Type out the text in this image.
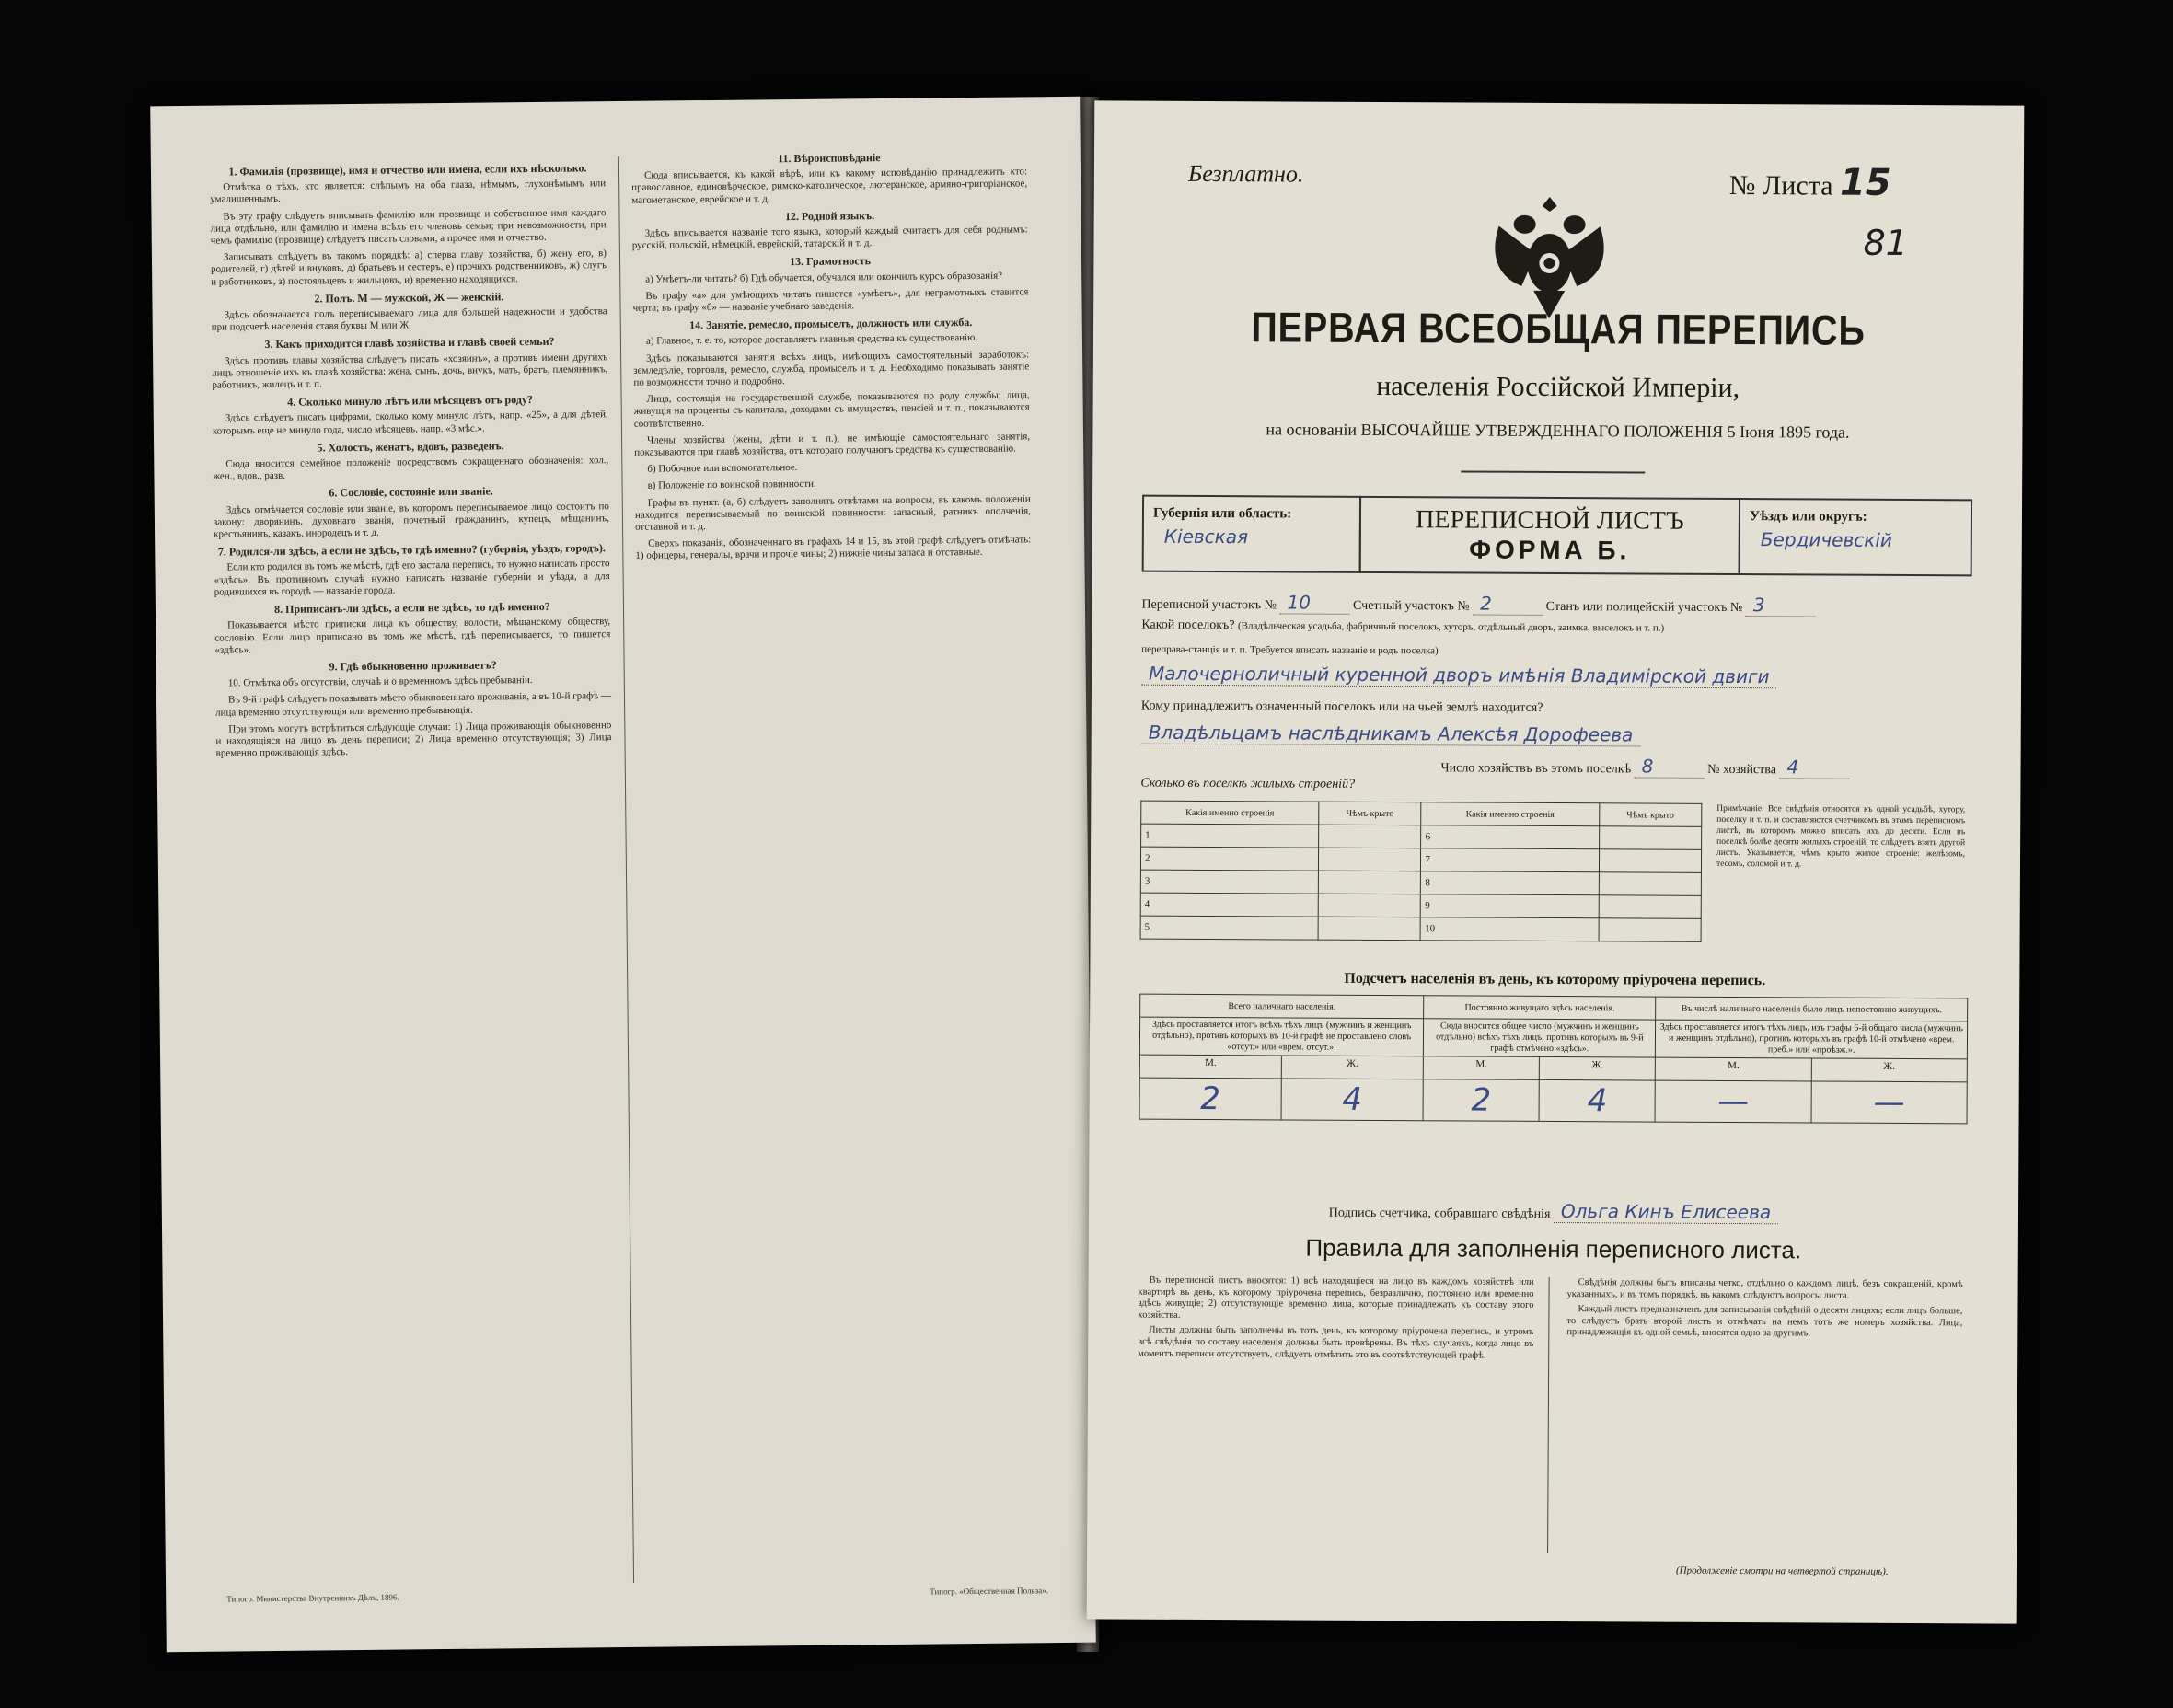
1. Фамилія (прозвище), имя и отчество или имена, если ихъ нѣсколько.

Отмѣтка о тѣхъ, кто является: слѣпымъ на оба глаза, нѣмымъ, глухонѣмымъ или умалишеннымъ.

Въ эту графу слѣдуетъ вписывать фамилію или прозвище и собственное имя каждаго лица отдѣльно, или фамилію и имена всѣхъ его членовъ семьи; при невозможности, при чемъ фамилію (прозвище) слѣдуетъ писать словами, а прочее имя и отчество.

Записывать слѣдуетъ въ такомъ порядкѣ: а) сперва главу хозяйства, б) жену его, в) родителей, г) дѣтей и внуковъ, д) братьевъ и сестеръ, е) прочихъ родственниковъ, ж) слугъ и работниковъ, з) постояльцевъ и жильцовъ, и) временно находящихся.

2. Полъ. М — мужской, Ж — женскій.

Здѣсь обозначается полъ переписываемаго лица для большей надежности и удобства при подсчетѣ населенія ставя буквы М или Ж.

3. Какъ приходится главѣ хозяйства и главѣ своей семьи?

Здѣсь противъ главы хозяйства слѣдуетъ писать «хозяинъ», а противъ имени другихъ лицъ отношеніе ихъ къ главѣ хозяйства: жена, сынъ, дочь, внукъ, мать, братъ, племянникъ, работникъ, жилецъ и т. п.

4. Сколько минуло лѣтъ или мѣсяцевъ отъ роду?

Здѣсь слѣдуетъ писать цифрами, сколько кому минуло лѣтъ, напр. «25», а для дѣтей, которымъ еще не минуло года, число мѣсяцевъ, напр. «3 мѣс.».

5. Холостъ, женатъ, вдовъ, разведенъ.

Сюда вносится семейное положеніе посредствомъ сокращеннаго обозначенія: хол., жен., вдов., разв.

6. Сословіе, состояніе или званіе.

Здѣсь отмѣчается сословіе или званіе, въ которомъ переписываемое лицо состоитъ по закону: дворянинъ, духовнаго званія, почетный гражданинъ, купецъ, мѣщанинъ, крестьянинъ, казакъ, инородецъ и т. д.

7. Родился-ли здѣсь, а если не здѣсь, то гдѣ именно? (губернія, уѣздъ, городъ).

Если кто родился въ томъ же мѣстѣ, гдѣ его застала перепись, то нужно написать просто «здѣсь». Въ противномъ случаѣ нужно написать названіе губерніи и уѣзда, а для родившихся въ городѣ — названіе города.

8. Приписанъ-ли здѣсь, а если не здѣсь, то гдѣ именно?

Показывается мѣсто приписки лица къ обществу, волости, мѣщанскому обществу, сословію. Если лицо приписано въ томъ же мѣстѣ, гдѣ переписывается, то пишется «здѣсь».

9. Гдѣ обыкновенно проживаетъ?

10. Отмѣтка объ отсутствіи, случаѣ и о временномъ здѣсь пребываніи.

Въ 9-й графѣ слѣдуетъ показывать мѣсто обыкновеннаго проживанія, а въ 10-й графѣ — лица временно отсутствующія или временно пребывающія.

При этомъ могутъ встрѣтиться слѣдующіе случаи: 1) Лица проживающія обыкновенно и находящіяся на лицо въ день переписи; 2) Лица временно отсутствующія; 3) Лица временно проживающія здѣсь.

11. Вѣроисповѣданіе

Сюда вписывается, къ какой вѣрѣ, или къ какому исповѣданію принадлежитъ кто: православное, единовѣрческое, римско-католическое, лютеранское, армяно-григоріанское, магометанское, еврейское и т. д.

12. Родной языкъ.

Здѣсь вписывается названіе того языка, который каждый считаетъ для себя роднымъ: русскій, польскій, нѣмецкій, еврейскій, татарскій и т. д.

13. Грамотность

а) Умѣетъ-ли читать? б) Гдѣ обучается, обучался или окончилъ курсъ образованія?

Въ графу «а» для умѣющихъ читать пишется «умѣетъ», для неграмотныхъ ставится черта; въ графу «б» — названіе учебнаго заведенія.

14. Занятіе, ремесло, промыселъ, должность или служба.

а) Главное, т. е. то, которое доставляетъ главныя средства къ существованію.

Здѣсь показываются занятія всѣхъ лицъ, имѣющихъ самостоятельный заработокъ: земледѣліе, торговля, ремесло, служба, промыселъ и т. д. Необходимо показывать занятіе по возможности точно и подробно.

Лица, состоящія на государственной службе, показываются по роду службы; лица, живущія на проценты съ капитала, доходами съ имуществъ, пенсіей и т. п., показываются соотвѣтственно.

Члены хозяйства (жены, дѣти и т. п.), не имѣющіе самостоятельнаго занятія, показываются при главѣ хозяйства, отъ котораго получаютъ средства къ существованію.

б) Побочное или вспомогательное.

в) Положеніе по воинской повинности.

Графы въ пункт. (а, б) слѣдуетъ заполнять отвѣтами на вопросы, въ какомъ положеніи находится переписываемый по воинской повинности: запасный, ратникъ ополченія, отставной и т. д.

Сверхъ показанія, обозначеннаго въ графахъ 14 и 15, въ этой графѣ слѣдуетъ отмѣчать: 1) офицеры, генералы, врачи и прочіе чины; 2) нижніе чины запаса и отставные.

Типогр. Министерства Внутреннихъ Дѣлъ, 1896.
Типогр. «Общественная Польза».
Безплатно.	№ Листа 15
81
ПЕРВАЯ ВСЕОБЩАЯ ПЕРЕПИСЬ
населенія Россійской Имперіи,
на основаніи ВЫСОЧАЙШЕ УТВЕРЖДЕННАГО ПОЛОЖЕНІЯ 5 Іюня 1895 года.
Губернія или область:
Кіевская
ПЕРЕПИСНОЙ ЛИСТЪ
ФОРМА Б.
Уѣздъ или округъ:
Бердичевскій
Переписной участокъ № 10	Счетный участокъ № 2	Станъ или полицейскій участокъ № 3
Какой поселокъ? (Владѣльческая усадьба, фабричный поселокъ, хуторъ, отдѣльный дворъ, заимка, выселокъ и т. п.)
переправа-станція и т. п. Требуется вписать названіе и родъ поселка)
Малочерноличный куренной дворъ имѣнія Владимірской двиги
Кому принадлежитъ означенный поселокъ или на чьей землѣ находится?
Владѣльцамъ наслѣдникамъ Алексѣя Дорофеева
Число хозяйствъ въ этомъ поселкѣ 8	№ хозяйства 4
Сколько въ поселкѣ жилыхъ строеній?
Какія именно строенія	Чѣмъ крыто	Какія именно строенія	Чѣмъ крыто
1		6	
2		7	
3		8	
4		9	
5		10	
Примѣчаніе. Все свѣдѣнія относятся къ одной усадьбѣ, хутору, поселку и т. п. и составляются счетчикомъ въ этомъ переписномъ листѣ, въ которомъ можно вписать ихъ до десяти. Если въ поселкѣ болѣе десяти жилыхъ строеній, то слѣдуетъ взять другой листъ. Указывается, чѣмъ крыто жилое строеніе: желѣзомъ, тесомъ, соломой и т. д.
Подсчетъ населенія въ день, къ которому пріурочена перепись.
Всего наличнаго населенія.		Постоянно живущаго здѣсь населенія.		Въ числѣ наличнаго населенія было лицъ непостоянно живущихъ.	
Здѣсь проставляется итогъ всѣхъ тѣхъ лицъ (мужчинъ и женщинъ отдѣльно), противъ которыхъ въ 10-й графѣ не проставлено словъ «отсут.» или «врем. отсут.».		Сюда вносится общее число (мужчинъ и женщинъ отдѣльно) всѣхъ тѣхъ лицъ, противъ которыхъ въ 9-й графѣ отмѣчено «здѣсь».		Здѣсь проставляется итогъ тѣхъ лицъ, изъ графы 6-й общаго числа (мужчинъ и женщинъ отдѣльно), противъ которыхъ въ графѣ 10-й отмѣчено «врем. преб.» или «проѣзж.».	
М.	Ж.	М.	Ж.	М.	Ж.
2	4	2	4	—	—
Подпись счетчика, собравшаго свѣдѣнія Ольга Кинъ Елисеева
Правила для заполненія переписного листа.

Въ переписной листъ вносятся: 1) всѣ находящіеся на лицо въ каждомъ хозяйствѣ или квартирѣ въ день, къ которому пріурочена перепись, безразлично, постоянно или временно здѣсь живущіе; 2) отсутствующіе временно лица, которые принадлежатъ къ составу этого хозяйства.

Листы должны быть заполнены въ тотъ день, къ которому пріурочена перепись, и утромъ всѣ свѣдѣнія по составу населенія должны быть провѣрены. Въ тѣхъ случаяхъ, когда лицо въ моментъ переписи отсутствуетъ, слѣдуетъ отмѣтить это въ соотвѣтствующей графѣ.

Свѣдѣнія должны быть вписаны четко, отдѣльно о каждомъ лицѣ, безъ сокращеній, кромѣ указанныхъ, и въ томъ порядкѣ, въ какомъ слѣдуютъ вопросы листа.

Каждый листъ предназначенъ для записыванія свѣдѣній о десяти лицахъ; если лицъ больше, то слѣдуетъ брать второй листъ и отмѣчать на немъ тотъ же номеръ хозяйства. Лица, принадлежащія къ одной семьѣ, вносятся одно за другимъ.

(Продолженіе смотри на четвертой страницѣ).
